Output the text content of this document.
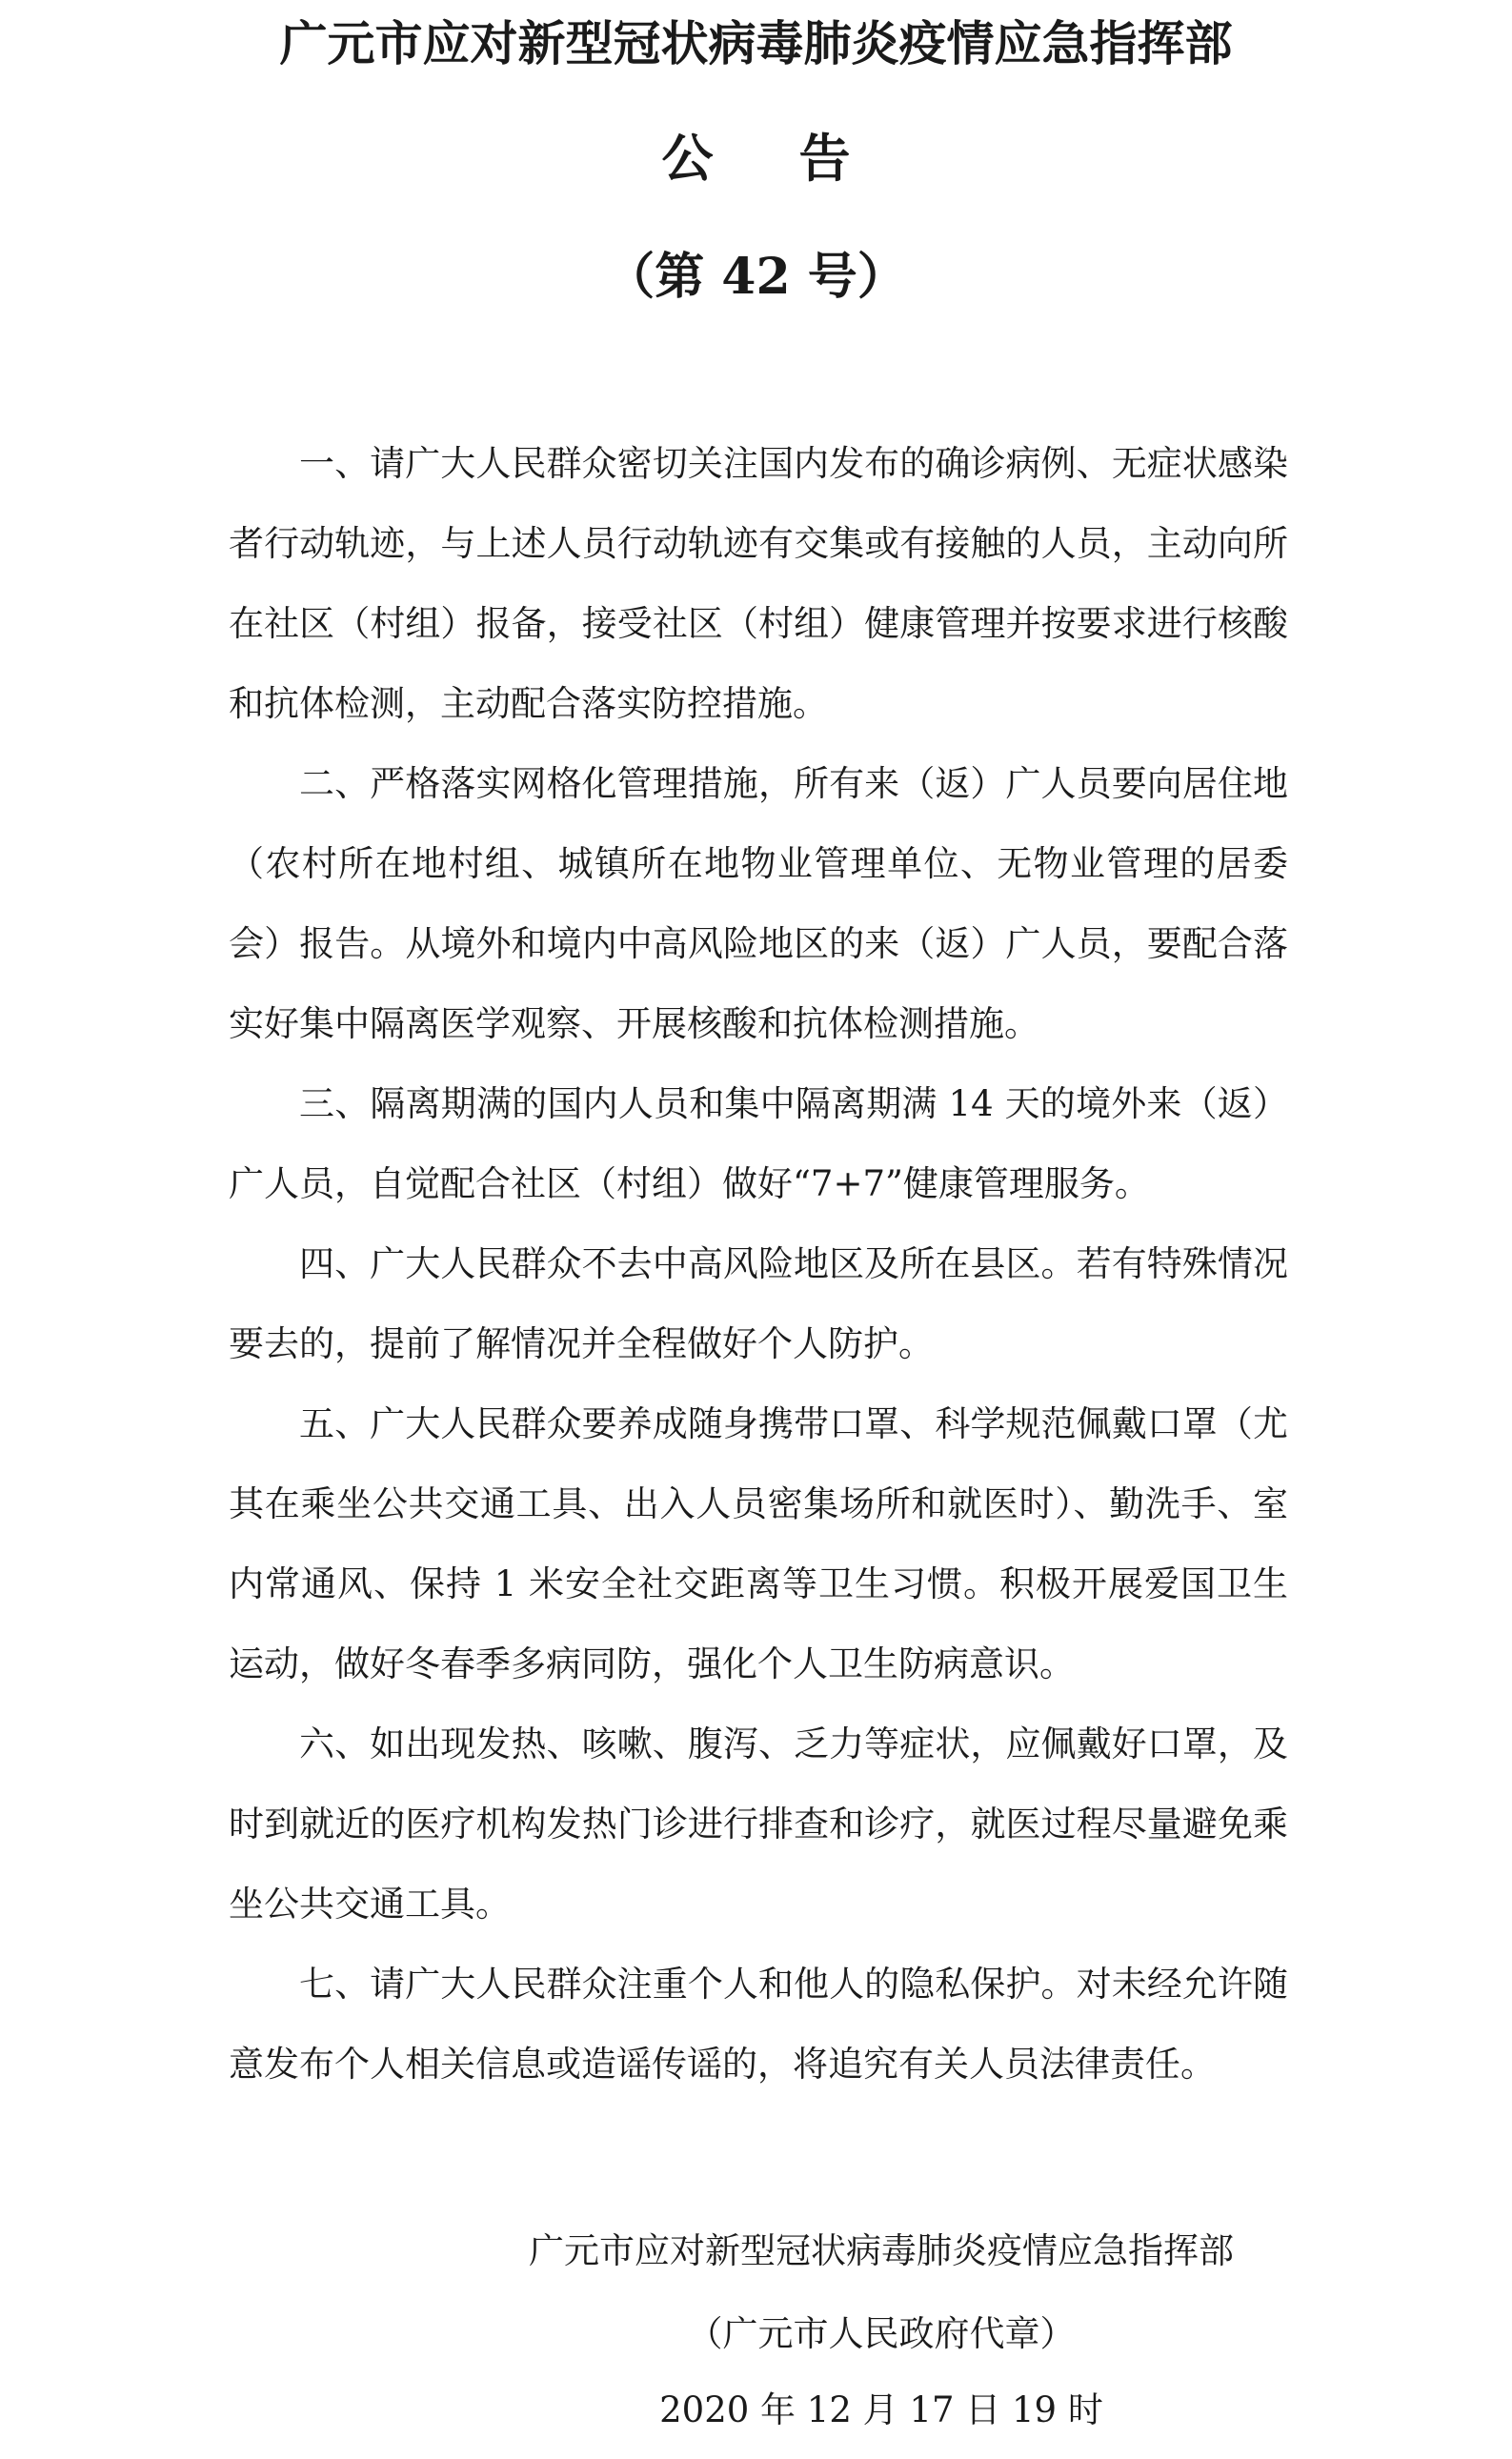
广元市应对新型冠状病毒肺炎疫情应急指挥部
公 告
（第 42 号）

一、请广大人民群众密切关注国内发布的确诊病例、无症状感染者行动轨迹，与上述人员行动轨迹有交集或有接触的人员，主动向所在社区（村组）报备，接受社区（村组）健康管理并按要求进行核酸和抗体检测，主动配合落实防控措施。

二、严格落实网格化管理措施，所有来（返）广人员要向居住地（农村所在地村组、城镇所在地物业管理单位、无物业管理的居委会）报告。从境外和境内中高风险地区的来（返）广人员，要配合落实好集中隔离医学观察、开展核酸和抗体检测措施。

三、隔离期满的国内人员和集中隔离期满 14 天的境外来（返）广人员，自觉配合社区（村组）做好“7+7”健康管理服务。

四、广大人民群众不去中高风险地区及所在县区。若有特殊情况要去的，提前了解情况并全程做好个人防护。

五、广大人民群众要养成随身携带口罩、科学规范佩戴口罩（尤其在乘坐公共交通工具、出入人员密集场所和就医时）、勤洗手、室内常通风、保持 1 米安全社交距离等卫生习惯。积极开展爱国卫生运动，做好冬春季多病同防，强化个人卫生防病意识。

六、如出现发热、咳嗽、腹泻、乏力等症状，应佩戴好口罩，及时到就近的医疗机构发热门诊进行排查和诊疗，就医过程尽量避免乘坐公共交通工具。

七、请广大人民群众注重个人和他人的隐私保护。对未经允许随意发布个人相关信息或造谣传谣的，将追究有关人员法律责任。

广元市应对新型冠状病毒肺炎疫情应急指挥部

（广元市人民政府代章）

2020 年 12 月 17 日 19 时
